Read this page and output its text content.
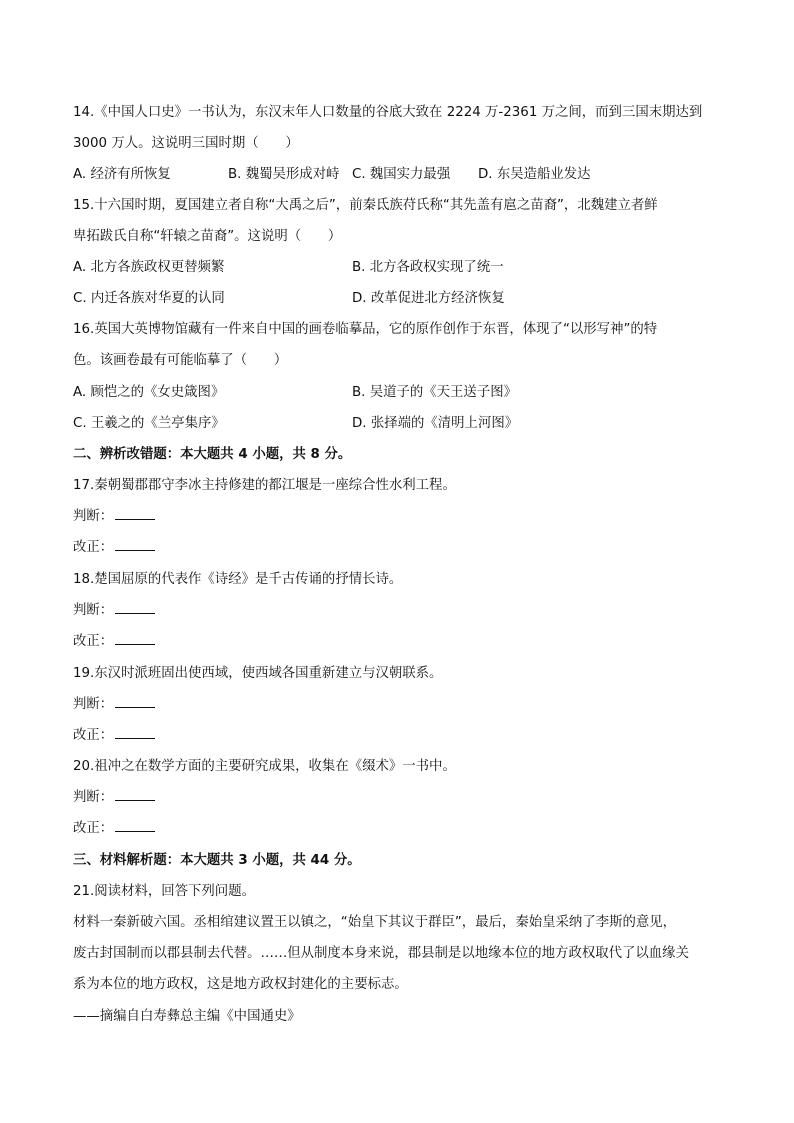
14.《中国人口史》一书认为，东汉末年人口数量的谷底大致在 2224 万-2361 万之间，而到三国末期达到
3000 万人。这说明三国时期（　　）
A. 经济有所恢复	B. 魏蜀吴形成对峙 C. 魏国实力最强 D. 东吴造船业发达
15.十六国时期，夏国建立者自称“大禹之后”，前秦氐族苻氏称“其先盖有扈之苗裔”，北魏建立者鲜
卑拓跋氏自称“轩辕之苗裔”。这说明（　　）
A. 北方各族政权更替频繁	B. 北方各政权实现了统一
C. 内迁各族对华夏的认同	D. 改革促进北方经济恢复
16.英国大英博物馆藏有一件来自中国的画卷临摹品，它的原作创作于东晋，体现了“以形写神”的特
色。该画卷最有可能临摹了（　　）
A. 顾恺之的《女史箴图》	B. 吴道子的《天王送子图》
C. 王羲之的《兰亭集序》	D. 张择端的《清明上河图》
二、辨析改错题：本大题共 4 小题，共 8 分。
17.秦朝蜀郡郡守李冰主持修建的都江堰是一座综合性水利工程。
判断：
改正：
18.楚国屈原的代表作《诗经》是千古传诵的抒情长诗。
判断：
改正：
19.东汉时派班固出使西域，使西域各国重新建立与汉朝联系。
判断：
改正：
20.祖冲之在数学方面的主要研究成果，收集在《缀术》一书中。
判断：
改正：
三、材料解析题：本大题共 3 小题，共 44 分。
21.阅读材料，回答下列问题。
材料一秦新破六国。丞相绾建议置王以镇之，“始皇下其议于群臣”，最后，秦始皇采纳了李斯的意见，
废古封国制而以郡县制去代替。……但从制度本身来说，郡县制是以地缘本位的地方政权取代了以血缘关
系为本位的地方政权，这是地方政权封建化的主要标志。
——摘编自白寿彝总主编《中国通史》
